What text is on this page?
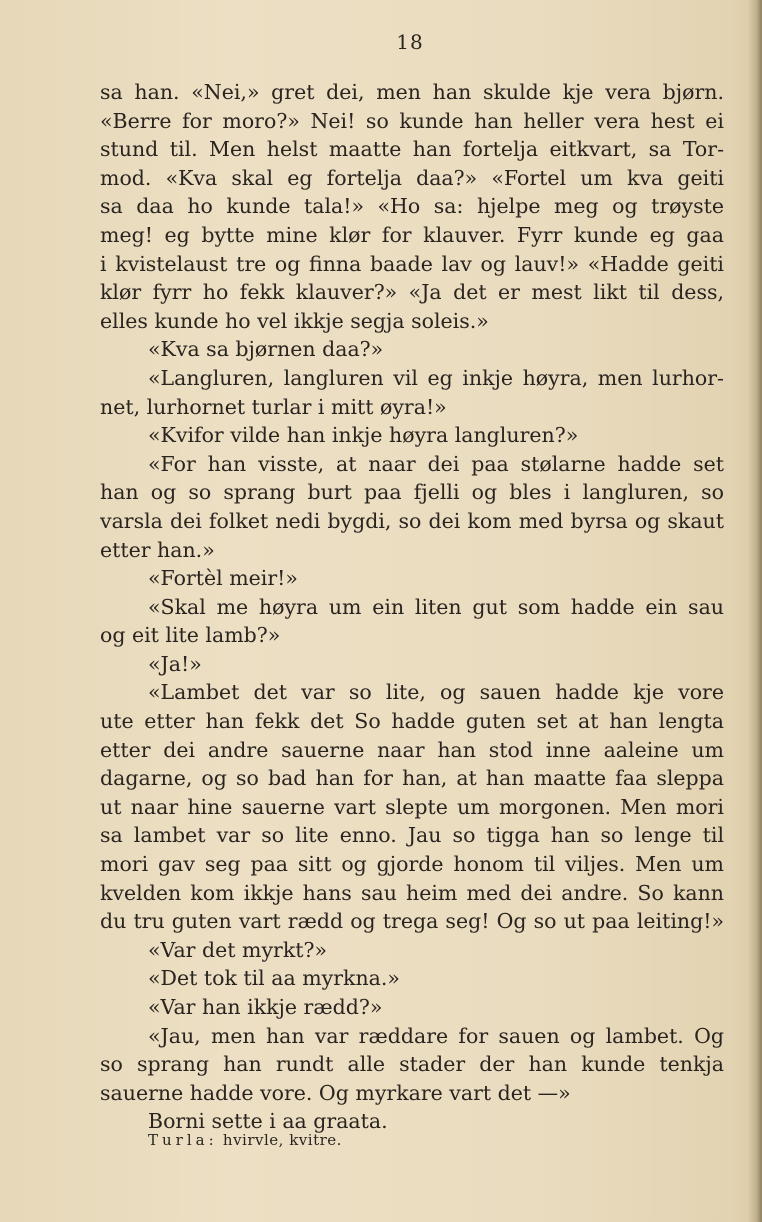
18
sa han. «Nei,» gret dei, men han skulde kje vera bjørn.
«Berre for moro?» Nei! so kunde han heller vera hest ei
stund til. Men helst maatte han fortelja eitkvart, sa Tor-
mod. «Kva skal eg fortelja daa?» «Fortel um kva geiti
sa daa ho kunde tala!» «Ho sa: hjelpe meg og trøyste
meg! eg bytte mine klør for klauver. Fyrr kunde eg gaa
i kvistelaust tre og finna baade lav og lauv!» «Hadde geiti
klør fyrr ho fekk klauver?» «Ja det er mest likt til dess,
elles kunde ho vel ikkje segja soleis.»
«Kva sa bjørnen daa?»
«Langluren, langluren vil eg inkje høyra, men lurhor-
net, lurhornet turlar i mitt øyra!»
«Kvifor vilde han inkje høyra langluren?»
«For han visste, at naar dei paa stølarne hadde set
han og so sprang burt paa fjelli og bles i langluren, so
varsla dei folket nedi bygdi, so dei kom med byrsa og skaut
etter han.»
«Fortèl meir!»
«Skal me høyra um ein liten gut som hadde ein sau
og eit lite lamb?»
«Ja!»
«Lambet det var so lite, og sauen hadde kje vore
ute etter han fekk det So hadde guten set at han lengta
etter dei andre sauerne naar han stod inne aaleine um
dagarne, og so bad han for han, at han maatte faa sleppa
ut naar hine sauerne vart slepte um morgonen. Men mori
sa lambet var so lite enno. Jau so tigga han so lenge til
mori gav seg paa sitt og gjorde honom til viljes. Men um
kvelden kom ikkje hans sau heim med dei andre. So kann
du tru guten vart rædd og trega seg! Og so ut paa leiting!»
«Var det myrkt?»
«Det tok til aa myrkna.»
«Var han ikkje rædd?»
«Jau, men han var ræddare for sauen og lambet. Og
so sprang han rundt alle stader der han kunde tenkja
sauerne hadde vore. Og myrkare vart det —»
Borni sette i aa graata.
Turla: hvirvle, kvitre.
